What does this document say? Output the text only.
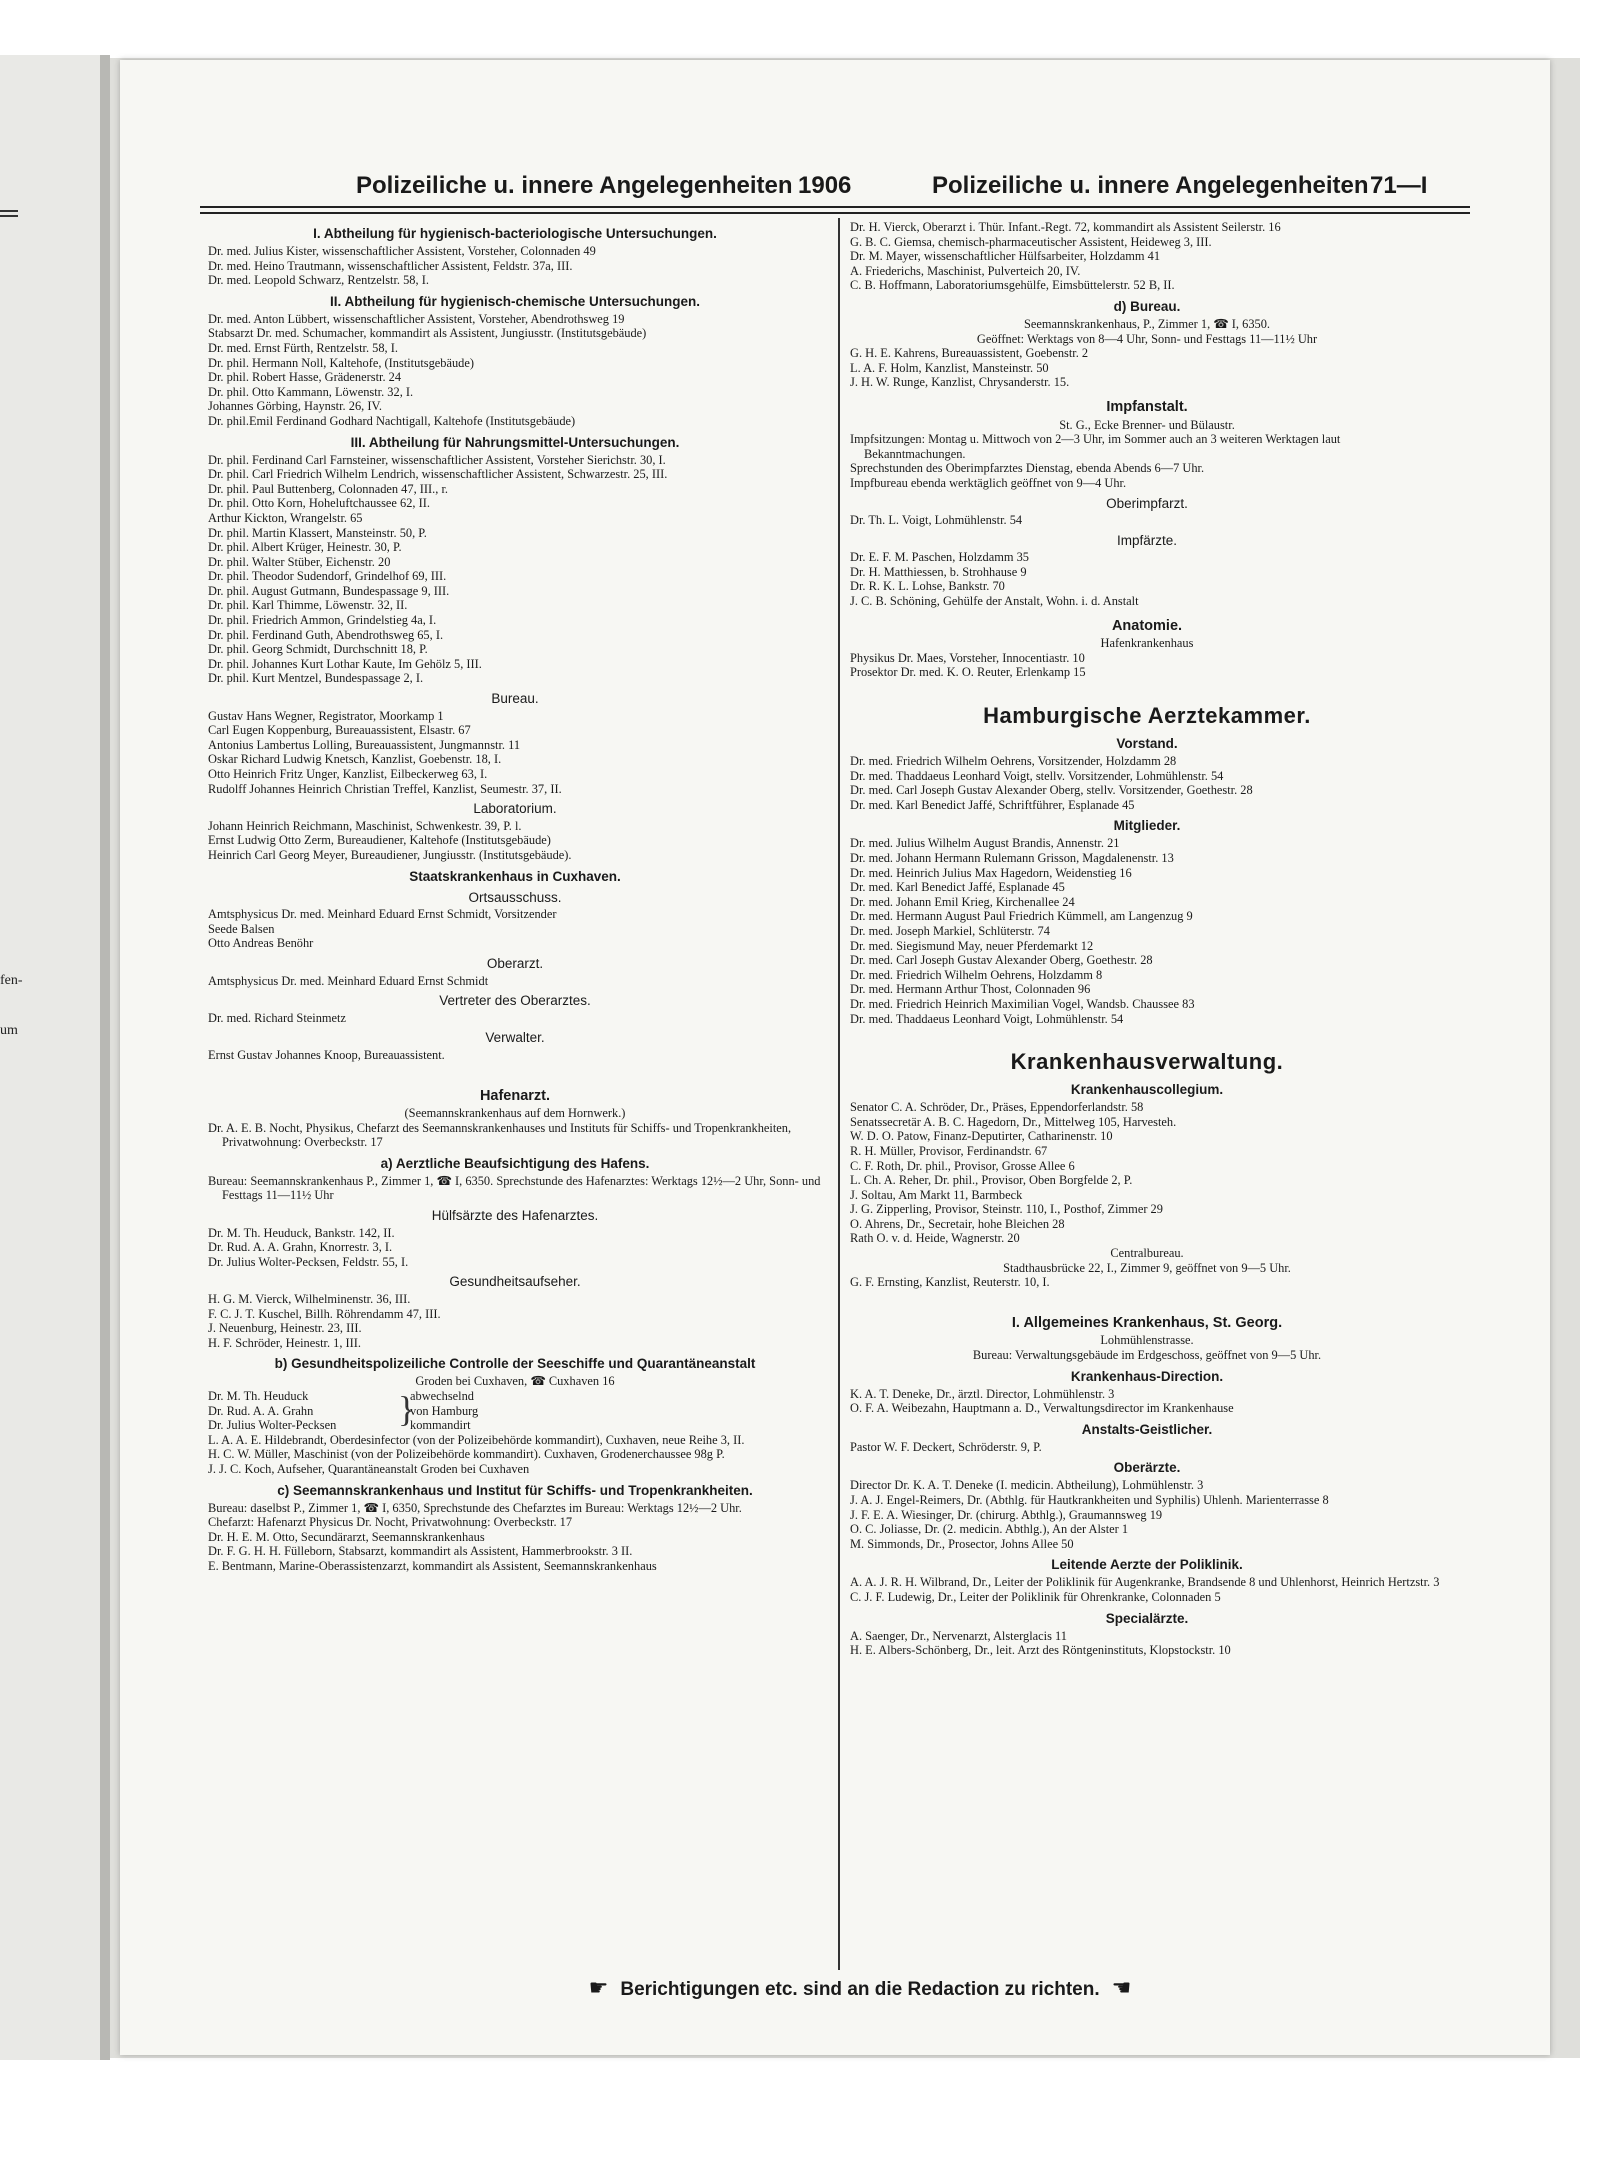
fen-
um
Polizeiliche u. innere Angelegenheiten 1906	Polizeiliche u. innere Angelegenheiten 71—I

I. Abtheilung für hygienisch-bacteriologische Untersuchungen.

Dr. med. Julius Kister, wissenschaftlicher Assistent, Vorsteher, Colonnaden 49

Dr. med. Heino Trautmann, wissenschaftlicher Assistent, Feldstr. 37a, III.

Dr. med. Leopold Schwarz, Rentzelstr. 58, I.

II. Abtheilung für hygienisch-chemische Untersuchungen.

Dr. med. Anton Lübbert, wissenschaftlicher Assistent, Vorsteher, Abendrothsweg 19

Stabsarzt Dr. med. Schumacher, kommandirt als Assistent, Jungiusstr. (Institutsgebäude)

Dr. med. Ernst Fürth, Rentzelstr. 58, I.

Dr. phil. Hermann Noll, Kaltehofe, (Institutsgebäude)

Dr. phil. Robert Hasse, Grädenerstr. 24

Dr. phil. Otto Kammann, Löwenstr. 32, I.

Johannes Görbing, Haynstr. 26, IV.

Dr. phil.Emil Ferdinand Godhard Nachtigall, Kaltehofe (Institutsgebäude)

III. Abtheilung für Nahrungsmittel-Untersuchungen.

Dr. phil. Ferdinand Carl Farnsteiner, wissenschaftlicher Assistent, Vorsteher Sierichstr. 30, I.

Dr. phil. Carl Friedrich Wilhelm Lendrich, wissenschaftlicher Assistent, Schwarzestr. 25, III.

Dr. phil. Paul Buttenberg, Colonnaden 47, III., r.

Dr. phil. Otto Korn, Hoheluftchaussee 62, II.

Arthur Kickton, Wrangelstr. 65

Dr. phil. Martin Klassert, Mansteinstr. 50, P.

Dr. phil. Albert Krüger, Heinestr. 30, P.

Dr. phil. Walter Stüber, Eichenstr. 20

Dr. phil. Theodor Sudendorf, Grindelhof 69, III.

Dr. phil. August Gutmann, Bundespassage 9, III.

Dr. phil. Karl Thimme, Löwenstr. 32, II.

Dr. phil. Friedrich Ammon, Grindelstieg 4a, I.

Dr. phil. Ferdinand Guth, Abendrothsweg 65, I.

Dr. phil. Georg Schmidt, Durchschnitt 18, P.

Dr. phil. Johannes Kurt Lothar Kaute, Im Gehölz 5, III.

Dr. phil. Kurt Mentzel, Bundespassage 2, I.

Bureau.

Gustav Hans Wegner, Registrator, Moorkamp 1

Carl Eugen Koppenburg, Bureauassistent, Elsastr. 67

Antonius Lambertus Lolling, Bureauassistent, Jungmannstr. 11

Oskar Richard Ludwig Knetsch, Kanzlist, Goebenstr. 18, I.

Otto Heinrich Fritz Unger, Kanzlist, Eilbeckerweg 63, I.

Rudolff Johannes Heinrich Christian Treffel, Kanzlist, Seumestr. 37, II.

Laboratorium.

Johann Heinrich Reichmann, Maschinist, Schwenkestr. 39, P. l.

Ernst Ludwig Otto Zerm, Bureaudiener, Kaltehofe (Institutsgebäude)

Heinrich Carl Georg Meyer, Bureaudiener, Jungiusstr. (Institutsgebäude).

Staatskrankenhaus in Cuxhaven.

Ortsausschuss.

Amtsphysicus Dr. med. Meinhard Eduard Ernst Schmidt, Vorsitzender

Seede Balsen

Otto Andreas Benöhr

Oberarzt.

Amtsphysicus Dr. med. Meinhard Eduard Ernst Schmidt

Vertreter des Oberarztes.

Dr. med. Richard Steinmetz

Verwalter.

Ernst Gustav Johannes Knoop, Bureauassistent.

Hafenarzt.

(Seemannskrankenhaus auf dem Hornwerk.)

Dr. A. E. B. Nocht, Physikus, Chefarzt des Seemannskrankenhauses und Instituts für Schiffs- und Tropenkrankheiten, Privatwohnung: Overbeckstr. 17

a) Aerztliche Beaufsichtigung des Hafens.

Bureau: Seemannskrankenhaus P., Zimmer 1, ☎ I, 6350. Sprechstunde des Hafenarztes: Werktags 12½—2 Uhr, Sonn- und Festtags 11—11½ Uhr

Hülfsärzte des Hafenarztes.

Dr. M. Th. Heuduck, Bankstr. 142, II.

Dr. Rud. A. A. Grahn, Knorrestr. 3, I.

Dr. Julius Wolter-Pecksen, Feldstr. 55, I.

Gesundheitsaufseher.

H. G. M. Vierck, Wilhelminenstr. 36, III.

F. C. J. T. Kuschel, Billh. Röhrendamm 47, III.

J. Neuenburg, Heinestr. 23, III.

H. F. Schröder, Heinestr. 1, III.

b) Gesundheitspolizeiliche Controlle der Seeschiffe und Quarantäneanstalt

Groden bei Cuxhaven, ☎ Cuxhaven 16

Dr. M. Th. Heuduck
Dr. Rud. A. A. Grahn
Dr. Julius Wolter-Pecksen	}
abwechselnd
von Hamburg
kommandirt

L. A. A. E. Hildebrandt, Oberdesinfector (von der Polizeibehörde kommandirt), Cuxhaven, neue Reihe 3, II.

H. C. W. Müller, Maschinist (von der Polizeibehörde kommandirt). Cuxhaven, Grodenerchaussee 98g P.

J. J. C. Koch, Aufseher, Quarantäneanstalt Groden bei Cuxhaven

c) Seemannskrankenhaus und Institut für Schiffs- und Tropenkrankheiten.

Bureau: daselbst P., Zimmer 1, ☎ I, 6350, Sprechstunde des Chefarztes im Bureau: Werktags 12½—2 Uhr.

Chefarzt: Hafenarzt Physicus Dr. Nocht, Privatwohnung: Overbeckstr. 17

Dr. H. E. M. Otto, Secundärarzt, Seemannskrankenhaus

Dr. F. G. H. H. Fülleborn, Stabsarzt, kommandirt als Assistent, Hammerbrookstr. 3 II.

E. Bentmann, Marine-Oberassistenzarzt, kommandirt als Assistent, Seemannskrankenhaus

Dr. H. Vierck, Oberarzt i. Thür. Infant.-Regt. 72, kommandirt als Assistent Seilerstr. 16

G. B. C. Giemsa, chemisch-pharmaceutischer Assistent, Heideweg 3, III.

Dr. M. Mayer, wissenschaftlicher Hülfsarbeiter, Holzdamm 41

A. Friederichs, Maschinist, Pulverteich 20, IV.

C. B. Hoffmann, Laboratoriumsgehülfe, Eimsbüttelerstr. 52 B, II.

d) Bureau.

Seemannskrankenhaus, P., Zimmer 1, ☎ I, 6350.

Geöffnet: Werktags von 8—4 Uhr, Sonn- und Festtags 11—11½ Uhr

G. H. E. Kahrens, Bureauassistent, Goebenstr. 2

L. A. F. Holm, Kanzlist, Mansteinstr. 50

J. H. W. Runge, Kanzlist, Chrysanderstr. 15.

Impfanstalt.

St. G., Ecke Brenner- und Bülaustr.

Impfsitzungen: Montag u. Mittwoch von 2—3 Uhr, im Sommer auch an 3 weiteren Werktagen laut Bekanntmachungen.

Sprechstunden des Oberimpfarztes Dienstag, ebenda Abends 6—7 Uhr.

Impfbureau ebenda werktäglich geöffnet von 9—4 Uhr.

Oberimpfarzt.

Dr. Th. L. Voigt, Lohmühlenstr. 54

Impfärzte.

Dr. E. F. M. Paschen, Holzdamm 35

Dr. H. Matthiessen, b. Strohhause 9

Dr. R. K. L. Lohse, Bankstr. 70

J. C. B. Schöning, Gehülfe der Anstalt, Wohn. i. d. Anstalt

Anatomie.

Hafenkrankenhaus

Physikus Dr. Maes, Vorsteher, Innocentiastr. 10

Prosektor Dr. med. K. O. Reuter, Erlenkamp 15

Hamburgische Aerztekammer.

Vorstand.

Dr. med. Friedrich Wilhelm Oehrens, Vorsitzender, Holzdamm 28

Dr. med. Thaddaeus Leonhard Voigt, stellv. Vorsitzender, Lohmühlenstr. 54

Dr. med. Carl Joseph Gustav Alexander Oberg, stellv. Vorsitzender, Goethestr. 28

Dr. med. Karl Benedict Jaffé, Schriftführer, Esplanade 45

Mitglieder.

Dr. med. Julius Wilhelm August Brandis, Annenstr. 21

Dr. med. Johann Hermann Rulemann Grisson, Magdalenenstr. 13

Dr. med. Heinrich Julius Max Hagedorn, Weidenstieg 16

Dr. med. Karl Benedict Jaffé, Esplanade 45

Dr. med. Johann Emil Krieg, Kirchenallee 24

Dr. med. Hermann August Paul Friedrich Kümmell, am Langenzug 9

Dr. med. Joseph Markiel, Schlüterstr. 74

Dr. med. Siegismund May, neuer Pferdemarkt 12

Dr. med. Carl Joseph Gustav Alexander Oberg, Goethestr. 28

Dr. med. Friedrich Wilhelm Oehrens, Holzdamm 8

Dr. med. Hermann Arthur Thost, Colonnaden 96

Dr. med. Friedrich Heinrich Maximilian Vogel, Wandsb. Chaussee 83

Dr. med. Thaddaeus Leonhard Voigt, Lohmühlenstr. 54

Krankenhausverwaltung.

Krankenhauscollegium.

Senator C. A. Schröder, Dr., Präses, Eppendorferlandstr. 58

Senatssecretär A. B. C. Hagedorn, Dr., Mittelweg 105, Harvestеh.

W. D. O. Patow, Finanz-Deputirter, Catharinenstr. 10

R. H. Müller, Provisor, Ferdinandstr. 67

C. F. Roth, Dr. phil., Provisor, Grosse Allee 6

L. Ch. A. Reher, Dr. phil., Provisor, Oben Borgfelde 2, P.

J. Soltau, Am Markt 11, Barmbeck

J. G. Zipperling, Provisor, Steinstr. 110, I., Posthof, Zimmer 29

O. Ahrens, Dr., Secretair, hohe Bleichen 28

Rath O. v. d. Heide, Wagnerstr. 20

Centralbureau.

Stadthausbrücke 22, I., Zimmer 9, geöffnet von 9—5 Uhr.

G. F. Ernsting, Kanzlist, Reuterstr. 10, I.

I. Allgemeines Krankenhaus, St. Georg.

Lohmühlenstrasse.

Bureau: Verwaltungsgebäude im Erdgeschoss, geöffnet von 9—5 Uhr.

Krankenhaus-Direction.

K. A. T. Deneke, Dr., ärztl. Director, Lohmühlenstr. 3

O. F. A. Weibezahn, Hauptmann a. D., Verwaltungsdirector im Krankenhause

Anstalts-Geistlicher.

Pastor W. F. Deckert, Schröderstr. 9, P.

Oberärzte.

Director Dr. K. A. T. Deneke (I. medicin. Abtheilung), Lohmühlenstr. 3

J. A. J. Engel-Reimers, Dr. (Abthlg. für Hautkrankheiten und Syphilis) Uhlenh. Marienterrasse 8

J. F. E. A. Wiesinger, Dr. (chirurg. Abthlg.), Graumannsweg 19

O. C. Joliasse, Dr. (2. medicin. Abthlg.), An der Alster 1

M. Simmonds, Dr., Prosector, Johns Allee 50

Leitende Aerzte der Poliklinik.

A. A. J. R. H. Wilbrand, Dr., Leiter der Poliklinik für Augenkranke, Brandsende 8 und Uhlenhorst, Heinrich Hertzstr. 3

C. J. F. Ludewig, Dr., Leiter der Poliklinik für Ohrenkranke, Colonnaden 5

Specialärzte.

A. Saenger, Dr., Nervenarzt, Alsterglacis 11

H. E. Albers-Schönberg, Dr., leit. Arzt des Röntgeninstituts, Klopstockstr. 10

☛ Berichtigungen etc. sind an die Redaction zu richten. ☚
